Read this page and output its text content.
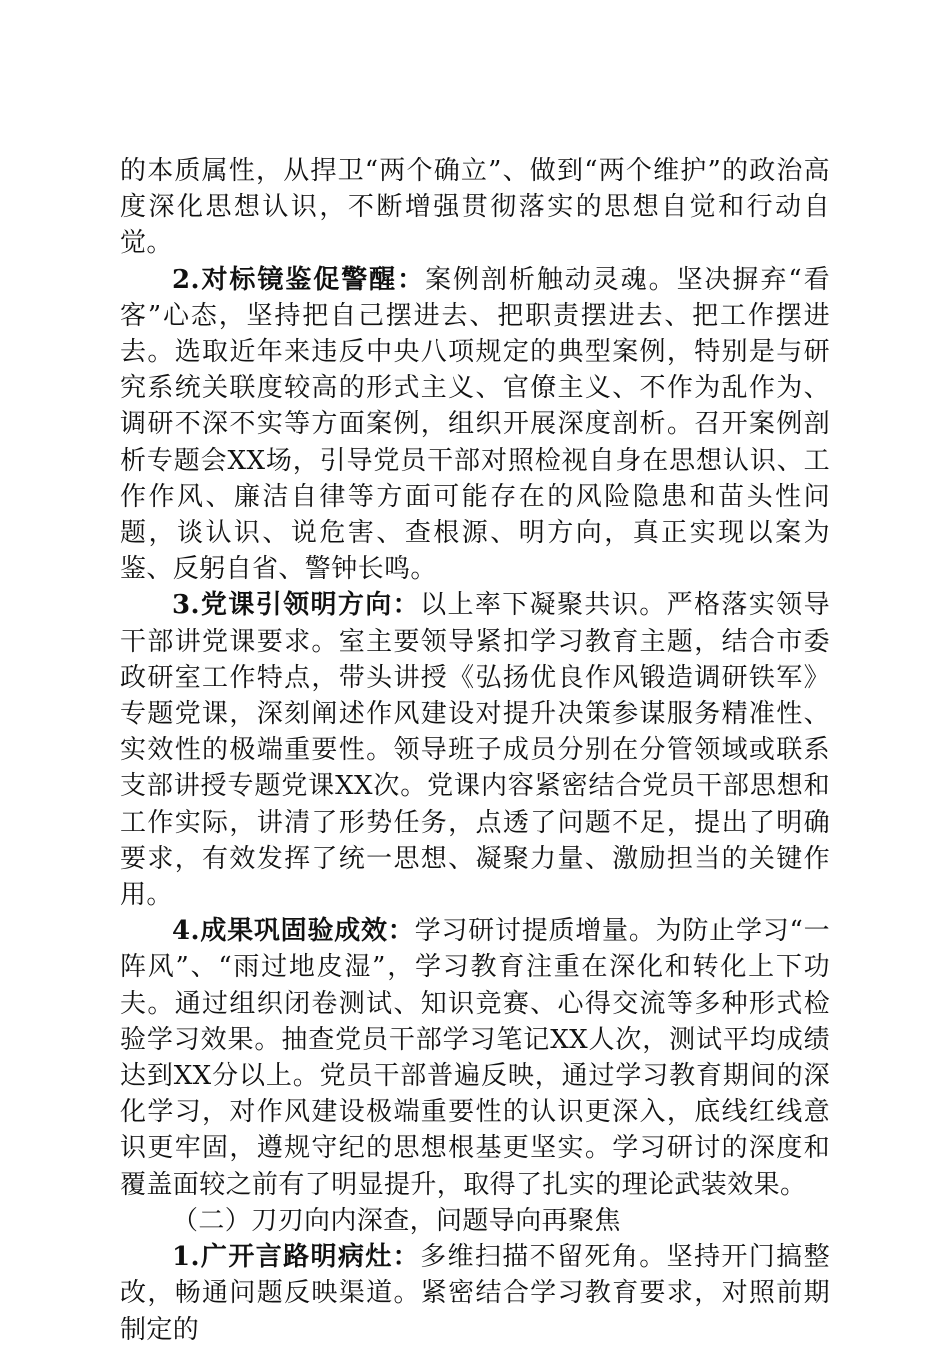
的本质属性，从捍卫“两个确立”、做到“两个维护”的政治高度深化思想认识，不断增强贯彻落实的思想自觉和行动自觉。

2.对标镜鉴促警醒：案例剖析触动灵魂。坚决摒弃“看客”心态，坚持把自己摆进去、把职责摆进去、把工作摆进去。选取近年来违反中央八项规定的典型案例，特别是与研究系统关联度较高的形式主义、官僚主义、不作为乱作为、调研不深不实等方面案例，组织开展深度剖析。召开案例剖析专题会XX场，引导党员干部对照检视自身在思想认识、工作作风、廉洁自律等方面可能存在的风险隐患和苗头性问题，谈认识、说危害、查根源、明方向，真正实现以案为鉴、反躬自省、警钟长鸣。

3.党课引领明方向：以上率下凝聚共识。严格落实领导干部讲党课要求。室主要领导紧扣学习教育主题，结合市委政研室工作特点，带头讲授《弘扬优良作风锻造调研铁军》专题党课，深刻阐述作风建设对提升决策参谋服务精准性、实效性的极端重要性。领导班子成员分别在分管领域或联系支部讲授专题党课XX次。党课内容紧密结合党员干部思想和工作实际，讲清了形势任务，点透了问题不足，提出了明确要求，有效发挥了统一思想、凝聚力量、激励担当的关键作用。

4.成果巩固验成效：学习研讨提质增量。为防止学习“一阵风”、“雨过地皮湿”，学习教育注重在深化和转化上下功夫。通过组织闭卷测试、知识竞赛、心得交流等多种形式检验学习效果。抽查党员干部学习笔记XX人次，测试平均成绩达到XX分以上。党员干部普遍反映，通过学习教育期间的深化学习，对作风建设极端重要性的认识更深入，底线红线意识更牢固，遵规守纪的思想根基更坚实。学习研讨的深度和覆盖面较之前有了明显提升，取得了扎实的理论武装效果。

（二）刀刃向内深查，问题导向再聚焦

1.广开言路明病灶：多维扫描不留死角。坚持开门搞整改，畅通问题反映渠道。紧密结合学习教育要求，对照前期制定的
